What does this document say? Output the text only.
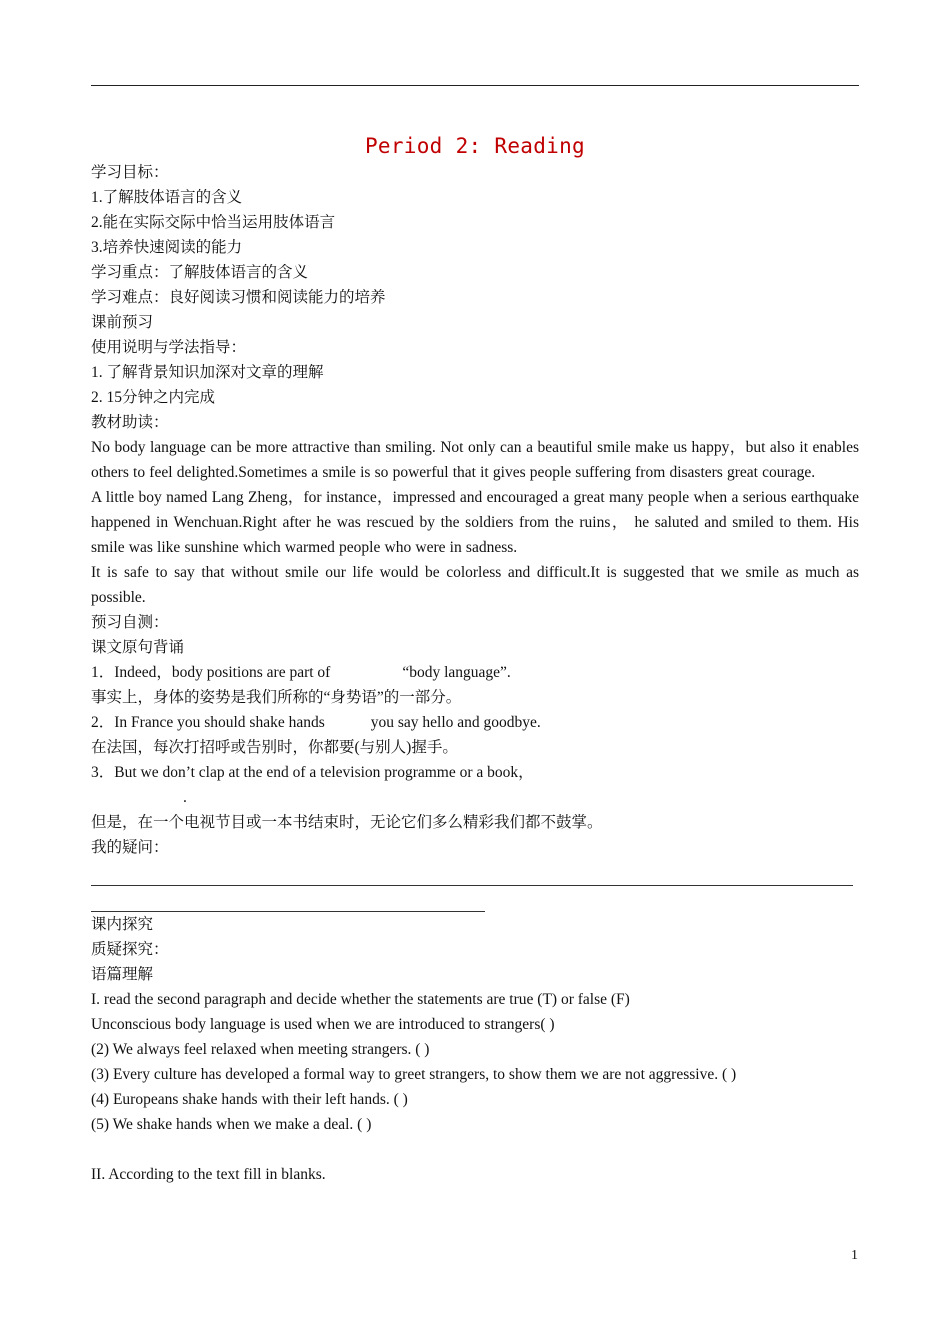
Period 2: Reading
学习目标：
1.了解肢体语言的含义
2.能在实际交际中恰当运用肢体语言
3.培养快速阅读的能力
学习重点：了解肢体语言的含义
学习难点：良好阅读习惯和阅读能力的培养
课前预习
使用说明与学法指导：
1. 了解背景知识加深对文章的理解
2. 15分钟之内完成
教材助读：
No body language can be more attractive than smiling. Not only can a beautiful smile make us happy，but also it enables others to feel delighted.Sometimes a smile is so powerful that it gives people suffering from disasters great courage.
A little boy named Lang Zheng，for instance，impressed and encouraged a great many people when a serious earthquake happened in Wenchuan.Right after he was rescued by the soldiers from the ruins， he saluted and smiled to them. His smile was like sunshine which warmed people who were in sadness.
It is safe to say that without smile our life would be colorless and difficult.It is suggested that we smile as much as possible.
预习自测：
课文原句背诵
1．Indeed，body positions are part of	“body language”.
事实上，身体的姿势是我们所称的“身势语”的一部分。
2．In France you should shake hands	you say hello and goodbye.
在法国，每次打招呼或告别时，你都要(与别人)握手。
3．But we don’t clap at the end of a television programme or a book，
.
但是，在一个电视节目或一本书结束时，无论它们多么精彩我们都不鼓掌。
我的疑问：
课内探究
质疑探究：
语篇理解
I. read the second paragraph and decide whether the statements are true (T) or false (F)
Unconscious body language is used when we are introduced to strangers( )
(2) We always feel relaxed when meeting strangers. ( )
(3) Every culture has developed a formal way to greet strangers, to show them we are not aggressive. ( )
(4) Europeans shake hands with their left hands. ( )
(5) We shake hands when we make a deal. ( )
II. According to the text fill in blanks.
1
